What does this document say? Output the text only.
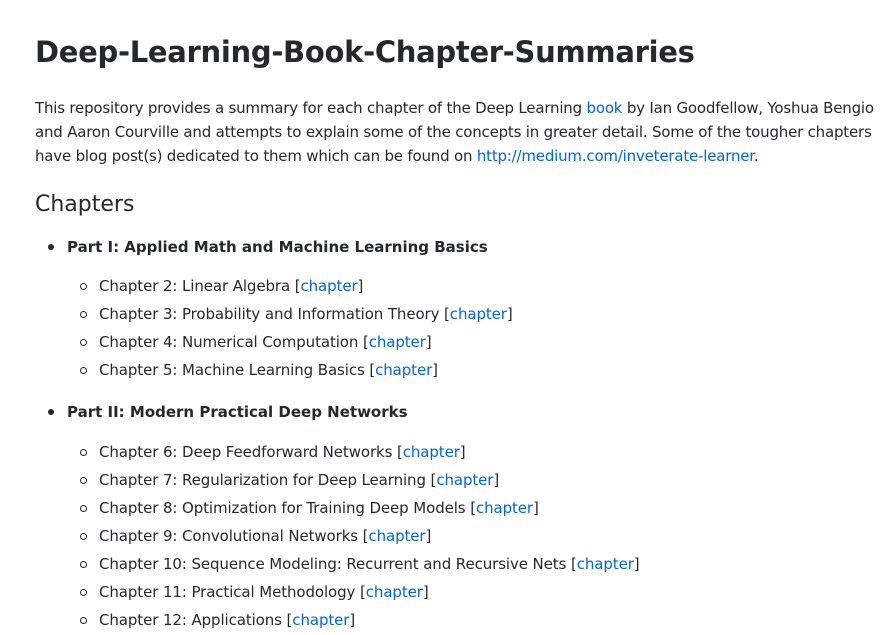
Deep-Learning-Book-Chapter-Summaries

This repository provides a summary for each chapter of the Deep Learning book by Ian Goodfellow, Yoshua Bengio and Aaron Courville and attempts to explain some of the concepts in greater detail. Some of the tougher chapters have blog post(s) dedicated to them which can be found on http://medium.com/inveterate-learner.

Chapters
Part I: Applied Math and Machine Learning Basics
Chapter 2: Linear Algebra [chapter]
Chapter 3: Probability and Information Theory [chapter]
Chapter 4: Numerical Computation [chapter]
Chapter 5: Machine Learning Basics [chapter]
Part II: Modern Practical Deep Networks
Chapter 6: Deep Feedforward Networks [chapter]
Chapter 7: Regularization for Deep Learning [chapter]
Chapter 8: Optimization for Training Deep Models [chapter]
Chapter 9: Convolutional Networks [chapter]
Chapter 10: Sequence Modeling: Recurrent and Recursive Nets [chapter]
Chapter 11: Practical Methodology [chapter]
Chapter 12: Applications [chapter]
